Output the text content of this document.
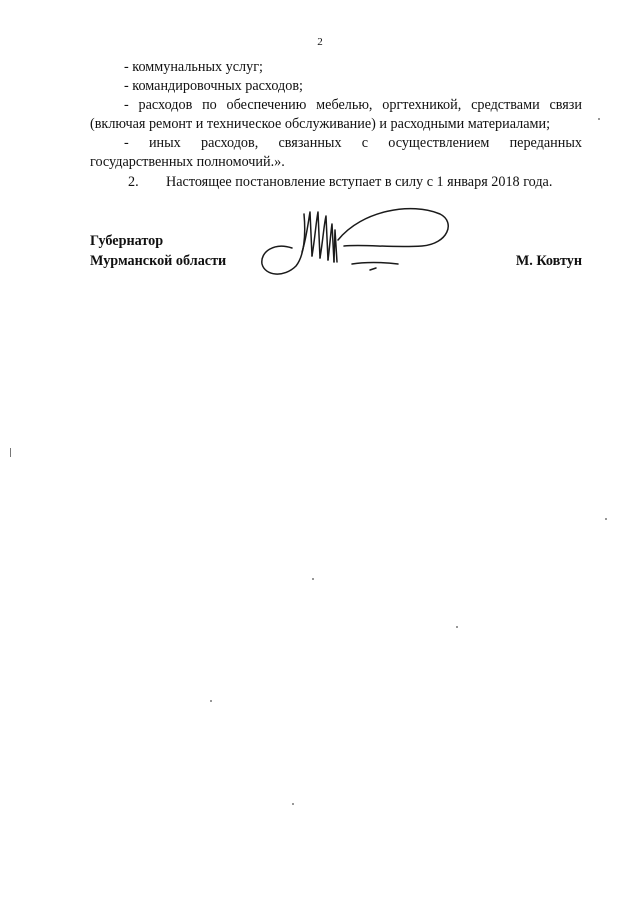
2

- коммунальных услуг;

- командировочных расходов;

- расходов по обеспечению мебелью, оргтехникой, средствами связи

(включая ремонт и техническое обслуживание) и расходными материалами;

- иных расходов, связанных с осуществлением переданных

государственных полномочий.».

2.	Настоящее постановление вступает в силу с 1 января 2018 года.
Губернатор
Мурманской области	М. Ковтун
